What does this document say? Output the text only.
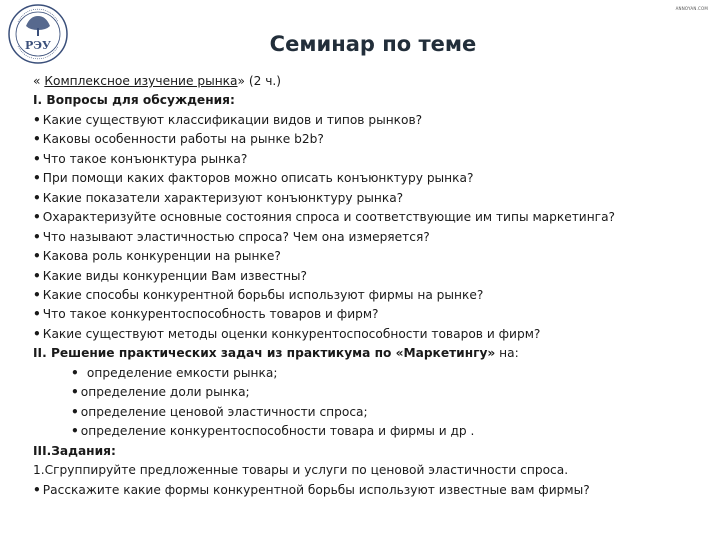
РЭУ
ANNOYAN.COM
Семинар по теме
« Комплексное изучение рынка» (2 ч.)
I. Вопросы для обсуждения:
• Какие существуют классификации видов и типов рынков?
• Каковы особенности работы на рынке b2b?
• Что такое конъюнктура рынка?
• При помощи каких факторов можно описать конъюнктуру рынка?
• Какие показатели характеризуют конъюнктуру рынка?
• Охарактеризуйте основные состояния спроса и соответствующие им типы маркетинга?
• Что называют эластичностью спроса? Чем она измеряется?
• Какова роль конкуренции на рынке?
• Какие виды конкуренции Вам известны?
• Какие способы конкурентной борьбы используют фирмы на рынке?
• Что такое конкурентоспособность товаров и фирм?
• Какие существуют методы оценки конкурентоспособности товаров и фирм?
II. Решение практических задач из практикума по «Маркетингу» на:
•  определение емкости рынка;
• определение доли рынка;
• определение ценовой эластичности спроса;
• определение конкурентоспособности товара и фирмы и др .
III.Задания:
1.Сгруппируйте предложенные товары и услуги по ценовой эластичности спроса.
• Расскажите какие формы конкурентной борьбы используют известные вам фирмы?
